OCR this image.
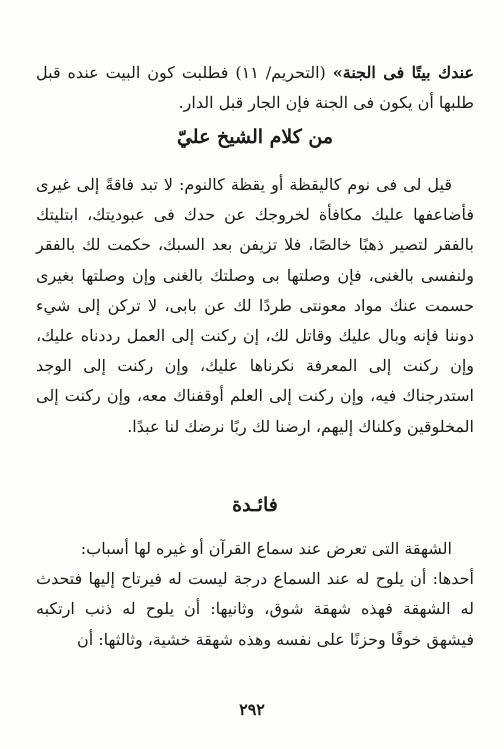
عندك بيتًا فى الجنة» (التحريم/ ١١) فطلبت كون البيت عنده قبل طلبها أن يكون فى الجنة فإن الجار قبل الدار.

من كلام الشيخ عليّ

قيل لى فى نوم كاليقظة أو يقظة كالنوم: لا تبد فاقةً إلى غيرى فأضاعفها عليك مكافأة لخروجك عن حدك فى عبوديتك، ابتليتك بالفقر لتصير ذهبًا خالصًا، فلا تزيفن بعد السبك، حكمت لك بالفقر ولنفسى بالغنى، فإن وصلتها بى وصلتك بالغنى وإن وصلتها بغيرى حسمت عنك مواد معونتى طردًا لك عن بابى، لا تركن إلى شيء دوننا فإنه وبال عليك وقاتل لك، إن ركنت إلى العمل رددناه عليك، وإن ركنت إلى المعرفة نكرناها عليك، وإن ركنت إلى الوجد استدرجناك فيه، وإن ركنت إلى العلم أوقفناك معه، وإن ركنت إلى المخلوقين وكلناك إليهم، ارضنا لك ربًا نرضك لنا عبدًا.

فائـدة

الشهقة التى تعرض عند سماع القرآن أو غيره لها أسباب:

أحدها: أن يلوح له عند السماع درجة ليست له فيرتاح إليها فتحدث له الشهقة فهذه شهقة شوق، وثانيها: أن يلوح له ذنب ارتكبه فيشهق خوفًا وحزنًا على نفسه وهذه شهقة خشية، وثالثها: أن

٢٩٢
